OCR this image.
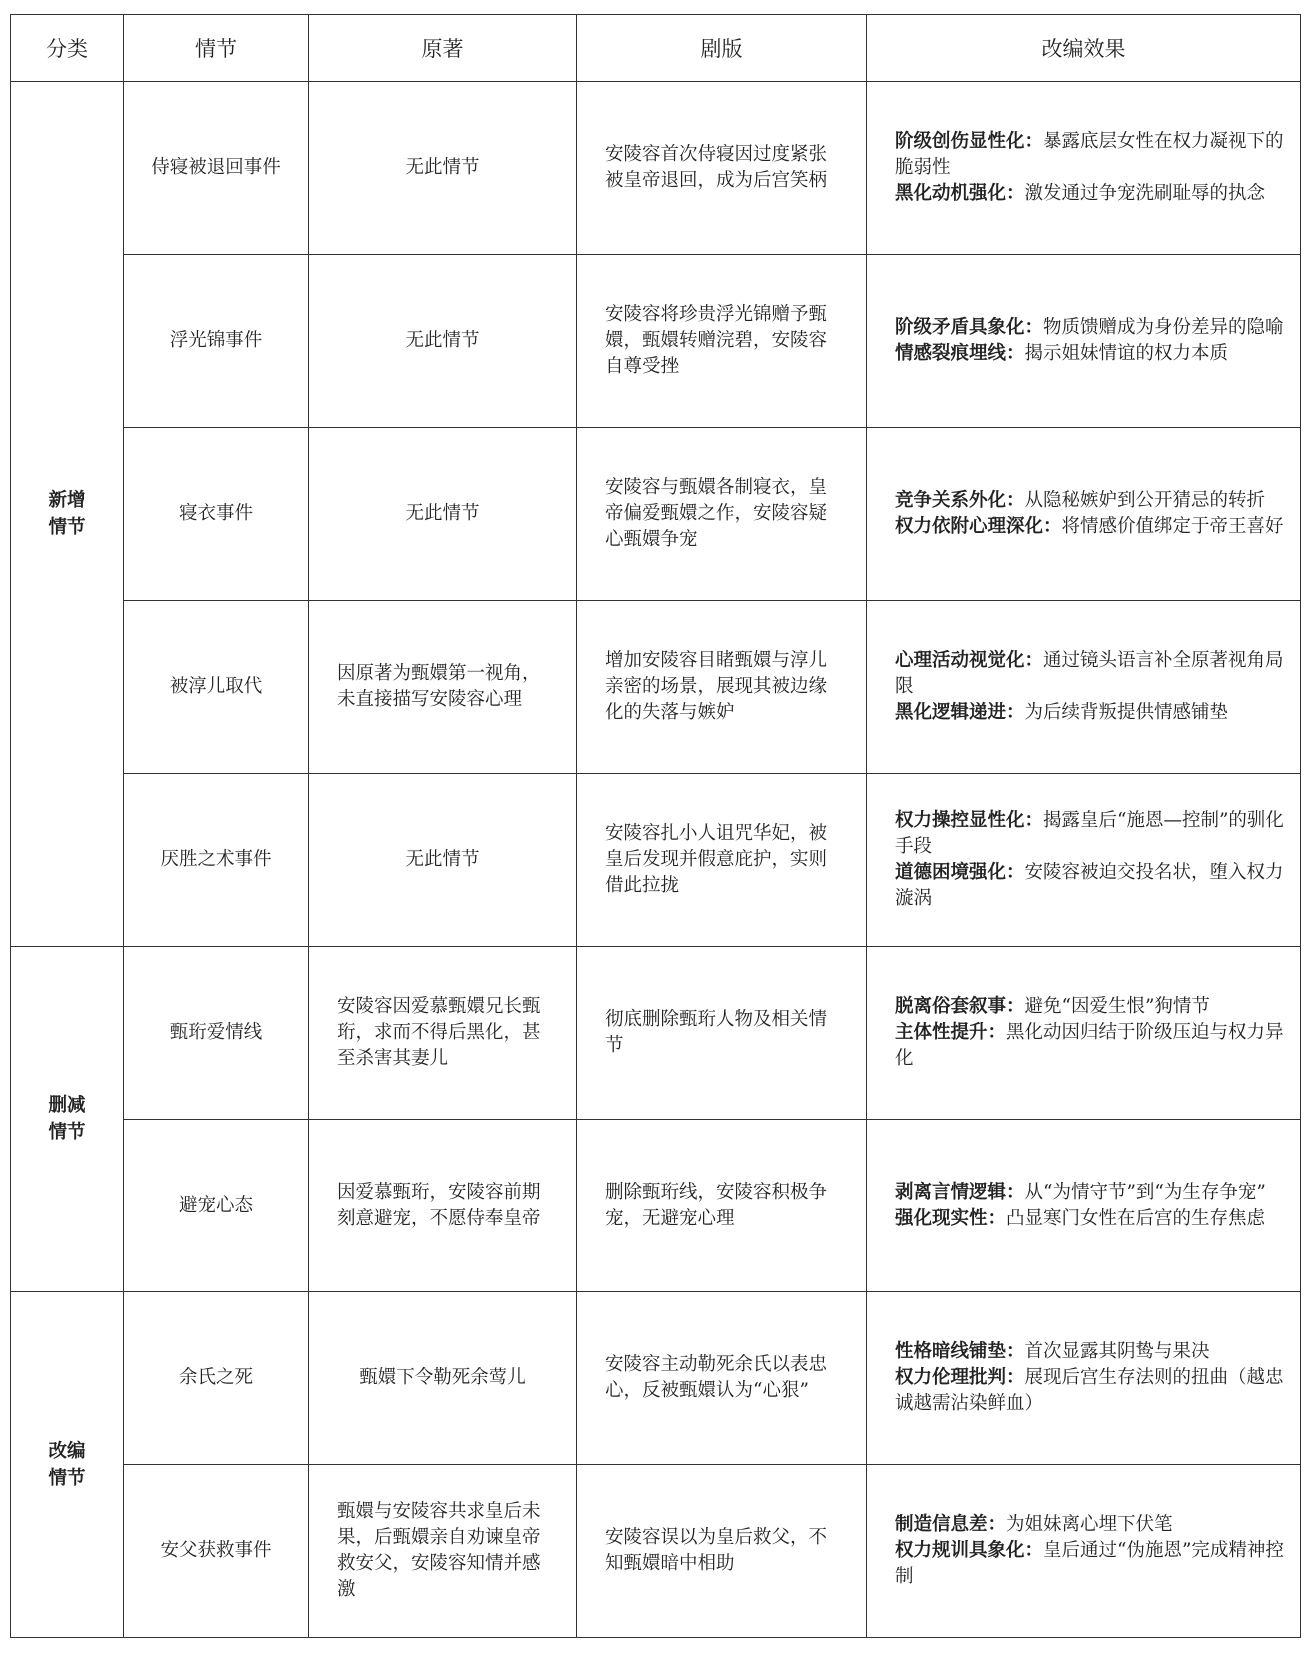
分类	情节	原著	剧版	改编效果
新增情节	侍寝被退回事件	无此情节	安陵容首次侍寝因过度紧张被皇帝退回，成为后宫笑柄	阶级创伤显性化：暴露底层女性在权力凝视下的脆弱性
黑化动机强化：激发通过争宠洗刷耻辱的执念

	浮光锦事件	无此情节	安陵容将珍贵浮光锦赠予甄嬛，甄嬛转赠浣碧，安陵容自尊受挫	阶级矛盾具象化：物质馈赠成为身份差异的隐喻
情感裂痕埋线：揭示姐妹情谊的权力本质

	寝衣事件	无此情节	安陵容与甄嬛各制寝衣，皇帝偏爱甄嬛之作，安陵容疑心甄嬛争宠	竞争关系外化：从隐秘嫉妒到公开猜忌的转折
权力依附心理深化：将情感价值绑定于帝王喜好

	被淳儿取代	因原著为甄嬛第一视角，未直接描写安陵容心理	增加安陵容目睹甄嬛与淳儿亲密的场景，展现其被边缘化的失落与嫉妒	心理活动视觉化：通过镜头语言补全原著视角局限
黑化逻辑递进：为后续背叛提供情感铺垫

	厌胜之术事件	无此情节	安陵容扎小人诅咒华妃，被皇后发现并假意庇护，实则借此拉拢	权力操控显性化：揭露皇后“施恩—控制”的驯化手段
道德困境强化：安陵容被迫交投名状，堕入权力漩涡

删减情节	甄珩爱情线	安陵容因爱慕甄嬛兄长甄珩，求而不得后黑化，甚至杀害其妻儿	彻底删除甄珩人物及相关情节	脱离俗套叙事：避免“因爱生恨”狗情节
主体性提升：黑化动因归结于阶级压迫与权力异化

	避宠心态	因爱慕甄珩，安陵容前期刻意避宠，不愿侍奉皇帝	删除甄珩线，安陵容积极争宠，无避宠心理	剥离言情逻辑：从“为情守节”到“为生存争宠”
强化现实性：凸显寒门女性在后宫的生存焦虑

改编情节	余氏之死	甄嬛下令勒死余莺儿	安陵容主动勒死余氏以表忠心，反被甄嬛认为“心狠”	性格暗线铺垫：首次显露其阴鸷与果决
权力伦理批判：展现后宫生存法则的扭曲（越忠诚越需沾染鲜血）

	安父获救事件	甄嬛与安陵容共求皇后未果，后甄嬛亲自劝谏皇帝救安父，安陵容知情并感激	安陵容误以为皇后救父，不知甄嬛暗中相助	制造信息差：为姐妹离心埋下伏笔
权力规训具象化：皇后通过“伪施恩”完成精神控制
